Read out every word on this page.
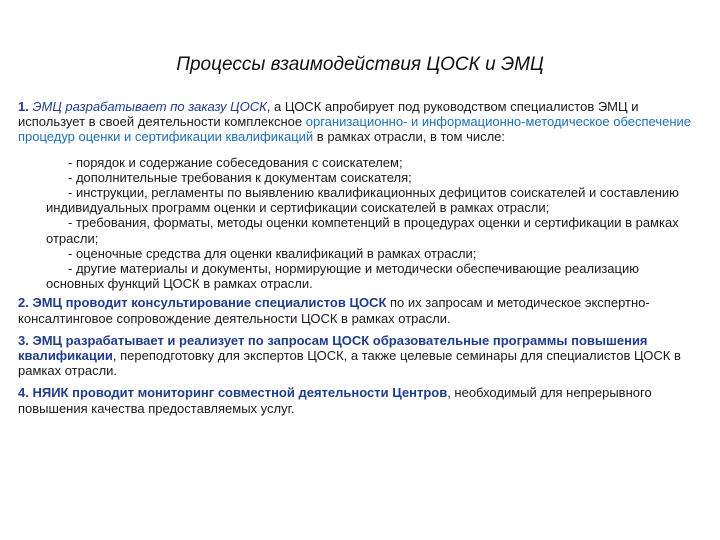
Процессы взаимодействия ЦОСК и ЭМЦ

1. ЭМЦ разрабатывает по заказу ЦОСК, а ЦОСК апробирует под руководством специалистов ЭМЦ и использует в своей деятельности комплексное организационно- и информационно-методическое обеспечение процедур оценки и сертификации квалификаций в рамках отрасли, в том числе:

- порядок и содержание собеседования с соискателем;
- дополнительные требования к документам соискателя;
- инструкции, регламенты по выявлению квалификационных дефицитов соискателей и составлению индивидуальных программ оценки и сертификации соискателей в рамках отрасли;
- требования, форматы, методы оценки компетенций в процедурах оценки и сертификации в рамках отрасли;
- оценочные средства для оценки квалификаций в рамках отрасли;
- другие материалы и документы, нормирующие и методически обеспечивающие реализацию основных функций ЦОСК в рамках отрасли.

2. ЭМЦ проводит консультирование специалистов ЦОСК по их запросам и методическое экспертно-консалтинговое сопровождение деятельности ЦОСК в рамках отрасли.

3. ЭМЦ разрабатывает и реализует по запросам ЦОСК образовательные программы повышения квалификации, переподготовку для экспертов ЦОСК, а также целевые семинары для специалистов ЦОСК в рамках отрасли.

4. НЯИК проводит мониторинг совместной деятельности Центров, необходимый для непрерывного повышения качества предоставляемых услуг.
